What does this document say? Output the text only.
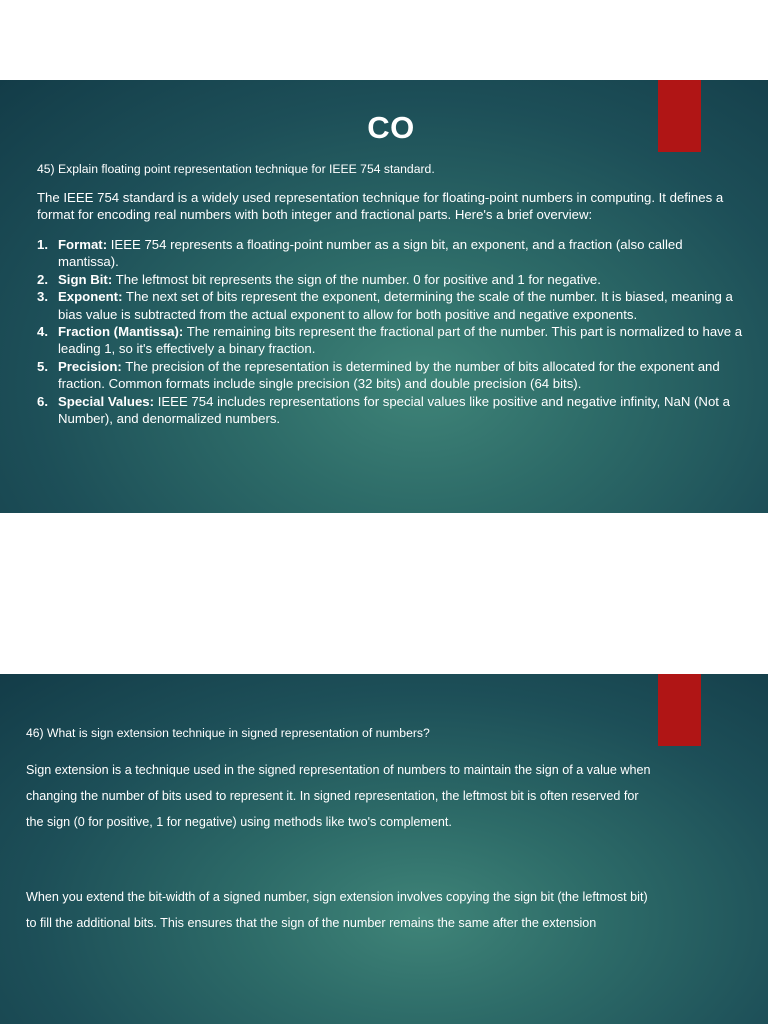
CO
45) Explain floating point representation technique for IEEE 754 standard.

The IEEE 754 standard is a widely used representation technique for floating-point numbers in computing. It defines a format for encoding real numbers with both integer and fractional parts. Here's a brief overview:

1. Format: IEEE 754 represents a floating-point number as a sign bit, an exponent, and a fraction (also called mantissa).
2. Sign Bit: The leftmost bit represents the sign of the number. 0 for positive and 1 for negative.
3. Exponent: The next set of bits represent the exponent, determining the scale of the number. It is biased, meaning a bias value is subtracted from the actual exponent to allow for both positive and negative exponents.
4. Fraction (Mantissa): The remaining bits represent the fractional part of the number. This part is normalized to have a leading 1, so it's effectively a binary fraction.
5. Precision: The precision of the representation is determined by the number of bits allocated for the exponent and fraction. Common formats include single precision (32 bits) and double precision (64 bits).
6. Special Values: IEEE 754 includes representations for special values like positive and negative infinity, NaN (Not a Number), and denormalized numbers.
46) What is sign extension technique in signed representation of numbers?

Sign extension is a technique used in the signed representation of numbers to maintain the sign of a value when changing the number of bits used to represent it. In signed representation, the leftmost bit is often reserved for the sign (0 for positive, 1 for negative) using methods like two's complement.

When you extend the bit-width of a signed number, sign extension involves copying the sign bit (the leftmost bit) to fill the additional bits. This ensures that the sign of the number remains the same after the extension
